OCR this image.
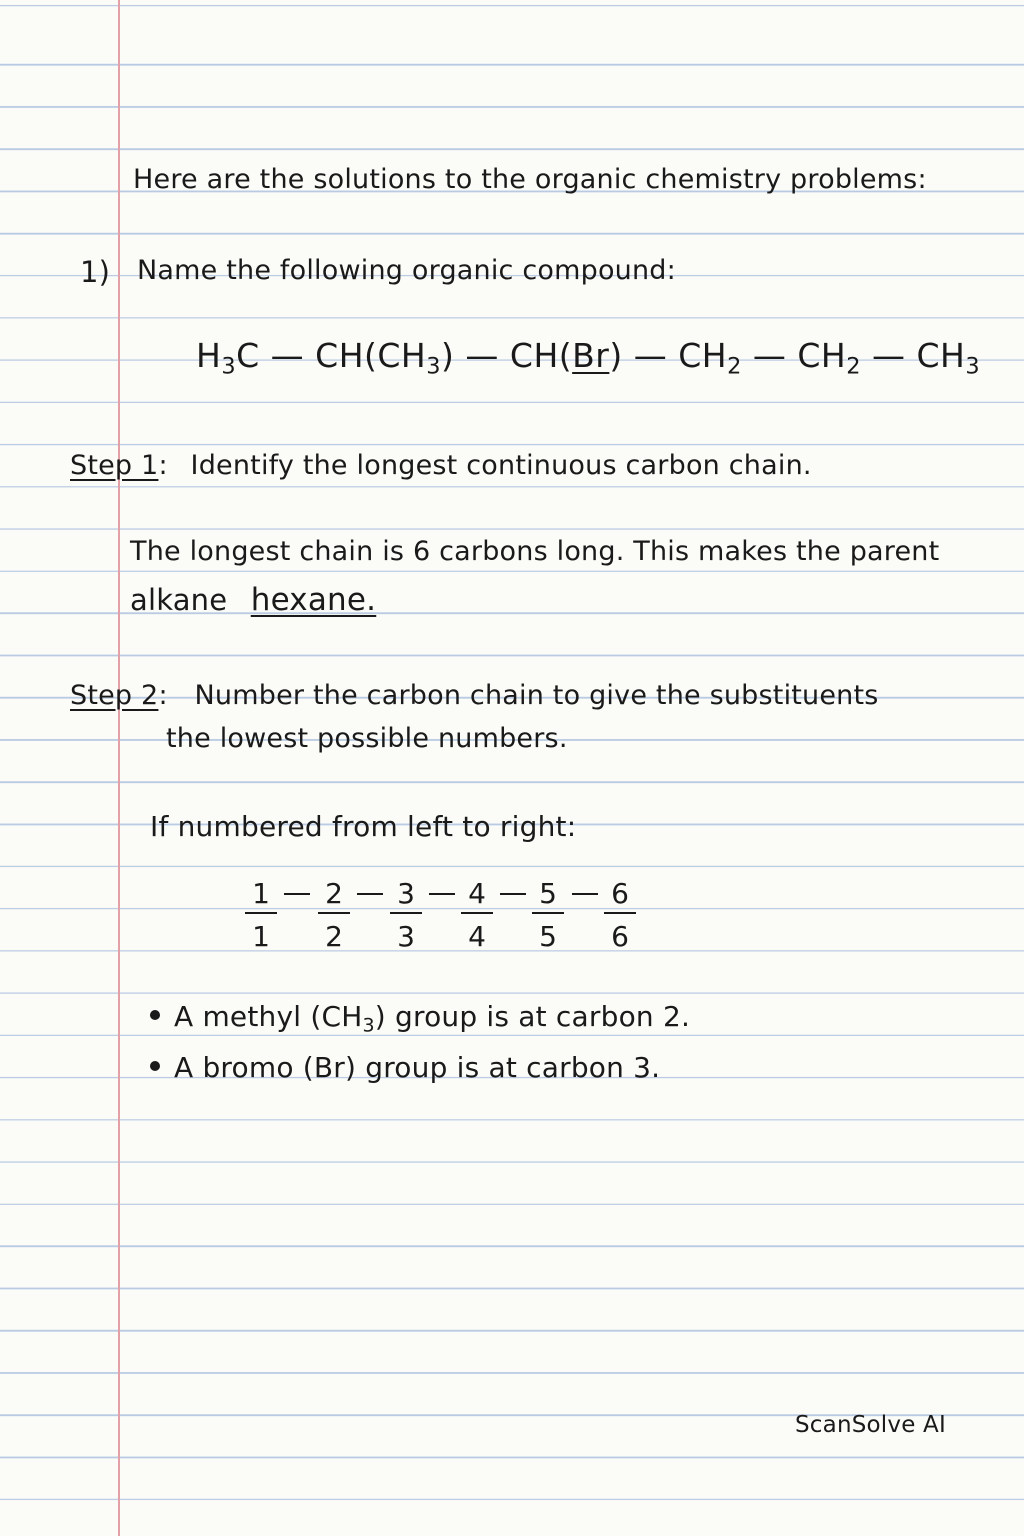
Here are the solutions to the organic chemistry problems:
1) Name the following organic compound:
$H_3C$ — $CH(CH_3)$ — CH(Br) — $CH_2$ — $CH_2$ — $CH_3$
Step 1: Identify the longest continuous carbon chain.
The longest chain is 6 carbons long. This makes the parent
alkane hexane.
Step 2: Number the carbon chain to give the substituents
the lowest possible numbers.
If numbered from left to right:
$\frac{1}{1} \frac{2}{2} \frac{3}{3} \frac{4}{4} \frac{5}{5} \frac{6}{6}$
A methyl $(CH_3)$ group is at carbon 2.
A bromo (Br) group is at carbon 3.
ScanSolve AI
